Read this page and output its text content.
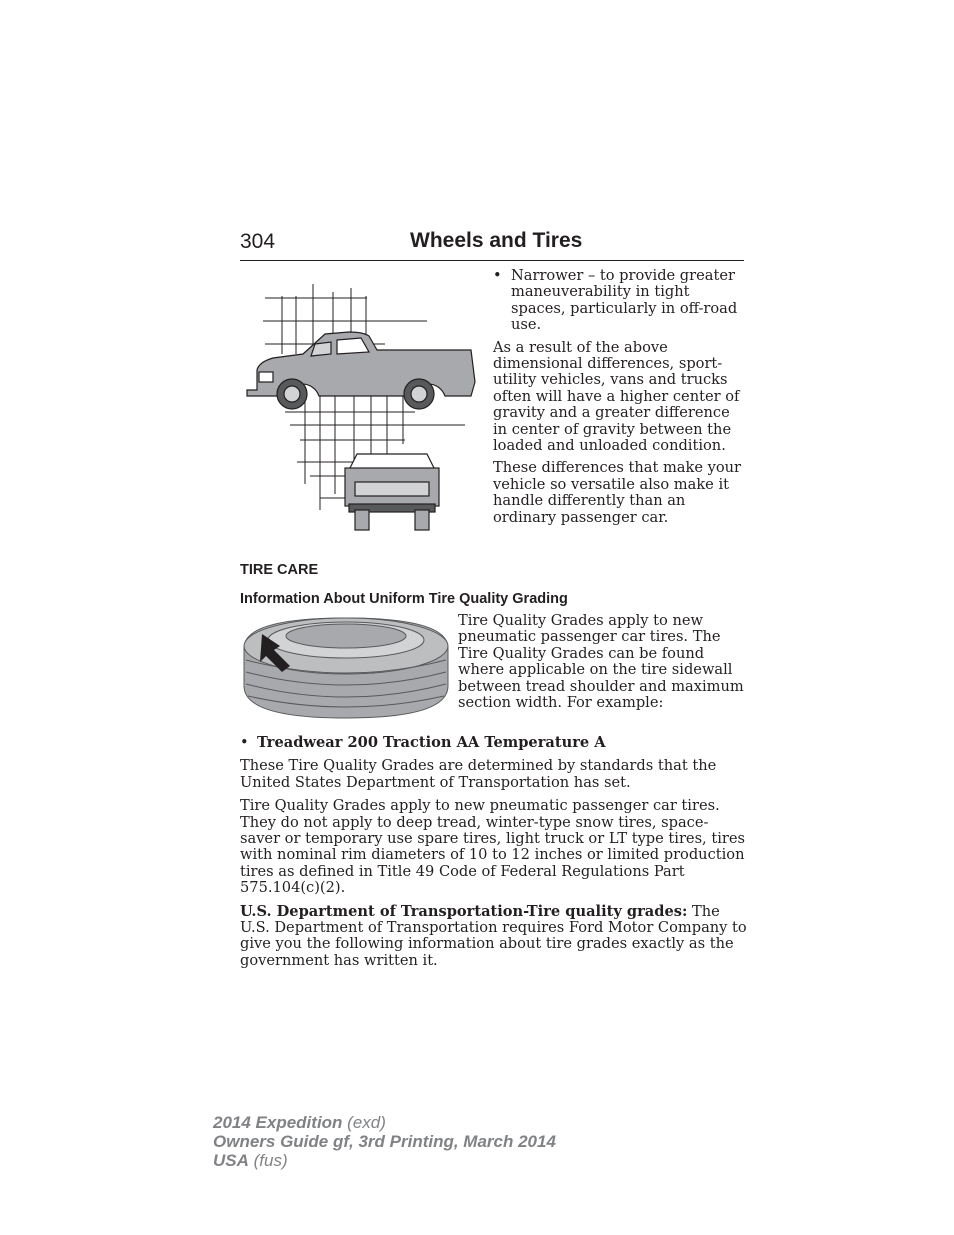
304	Wheels and Tires
• Narrower – to provide greater maneuverability in tight spaces, particularly in off-road use.

As a result of the above dimensional differences, sport-utility vehicles, vans and trucks often will have a higher center of gravity and a greater difference in center of gravity between the loaded and unloaded condition.

These differences that make your vehicle so versatile also make it handle differently than an ordinary passenger car.

TIRE CARE
Information About Uniform Tire Quality Grading

Tire Quality Grades apply to new pneumatic passenger car tires. The Tire Quality Grades can be found where applicable on the tire sidewall between tread shoulder and maximum section width. For example:

• Treadwear 200 Traction AA Temperature A

These Tire Quality Grades are determined by standards that the United States Department of Transportation has set.

Tire Quality Grades apply to new pneumatic passenger car tires. They do not apply to deep tread, winter-type snow tires, space-saver or temporary use spare tires, light truck or LT type tires, tires with nominal rim diameters of 10 to 12 inches or limited production tires as defined in Title 49 Code of Federal Regulations Part 575.104(c)(2).

U.S. Department of Transportation-Tire quality grades: The U.S. Department of Transportation requires Ford Motor Company to give you the following information about tire grades exactly as the government has written it.

2014 Expedition (exd)
Owners Guide gf, 3rd Printing, March 2014
USA (fus)
